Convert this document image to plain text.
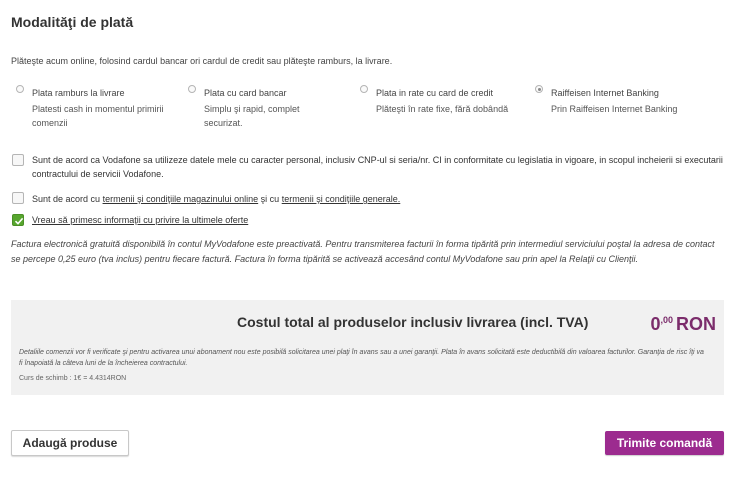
Modalităţi de plată
Plăteşte acum online, folosind cardul bancar ori cardul de credit sau plăteşte ramburs, la livrare.
Plata ramburs la livrare
Platesti cash in momentul primirii comenzii
Plata cu card bancar
Simplu şi rapid, complet securizat.
Plata in rate cu card de credit
Plăteşti în rate fixe, fără dobândă
Raiffeisen Internet Banking
Prin Raiffeisen Internet Banking
Sunt de acord ca Vodafone sa utilizeze datele mele cu caracter personal, inclusiv CNP-ul si seria/nr. CI in conformitate cu legislatia in vigoare, in scopul incheierii si executarii contractului de servicii Vodafone.
Sunt de acord cu termenii şi condiţiile magazinului online şi cu termenii şi condiţiile generale.
Vreau să primesc informaţii cu privire la ultimele oferte
Factura electronică gratuită disponibilă în contul MyVodafone este preactivată. Pentru transmiterea facturii în forma tipărită prin intermediul serviciului poştal la adresa de contact se percepe 0,25 euro (tva inclus) pentru fiecare factură. Factura în forma tipărită se activează accesând contul MyVodafone sau prin apel la Relaţii cu Clienţii.
Costul total al produselor inclusiv livrarea (incl. TVA)	0,00 RON
Detaliile comenzii vor fi verificate şi pentru activarea unui abonament nou este posibilă solicitarea unei plaţi în avans sau a unei garanţii. Plata în avans solicitată este deductibilă din valoarea facturilor. Garanţia de risc îţi va fi înapoiată la câteva luni de la încheierea contractului.
Curs de schimb : 1€ = 4.4314RON
Adaugă produse	Trimite comandă
